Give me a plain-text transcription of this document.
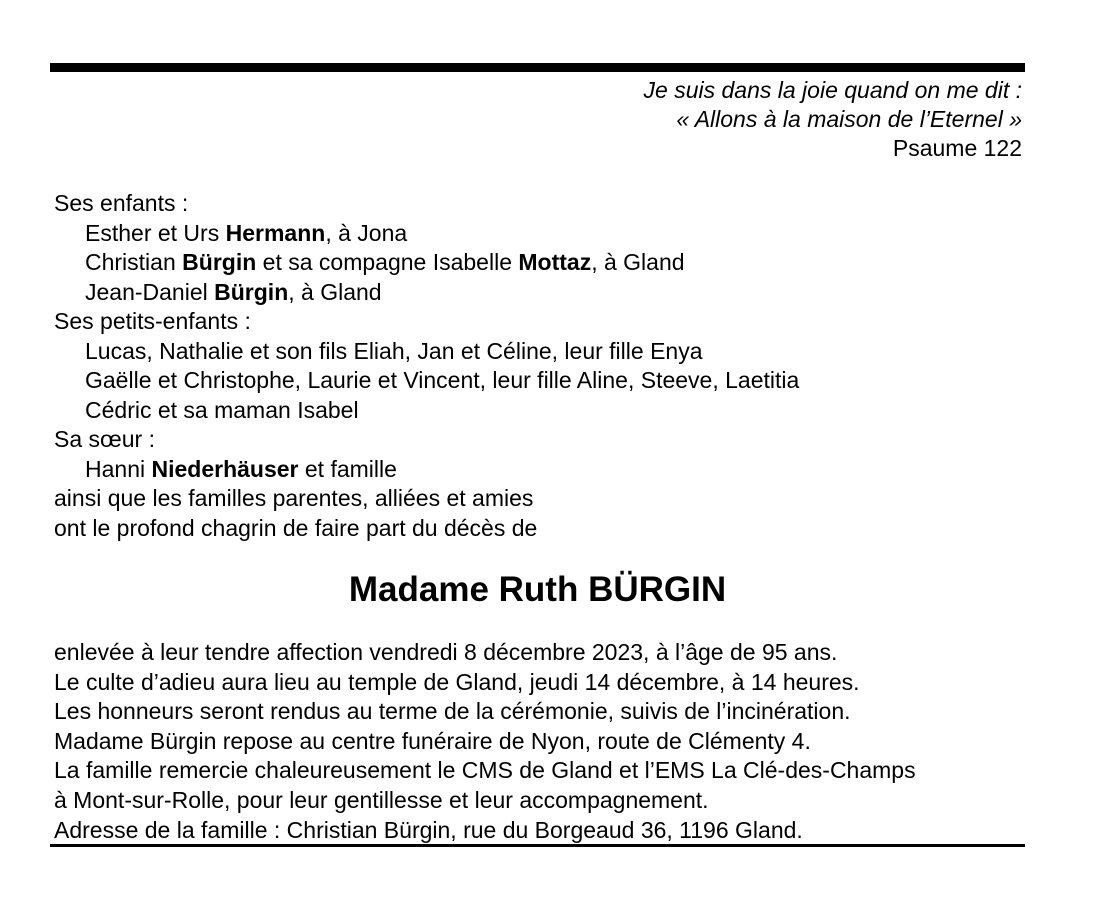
Je suis dans la joie quand on me dit :
« Allons à la maison de l’Eternel »
Psaume 122
Ses enfants :
Esther et Urs Hermann, à Jona
Christian Bürgin et sa compagne Isabelle Mottaz, à Gland
Jean-Daniel Bürgin, à Gland
Ses petits-enfants :
Lucas, Nathalie et son fils Eliah, Jan et Céline, leur fille Enya
Gaëlle et Christophe, Laurie et Vincent, leur fille Aline, Steeve, Laetitia
Cédric et sa maman Isabel
Sa sœur :
Hanni Niederhäuser et famille
ainsi que les familles parentes, alliées et amies
ont le profond chagrin de faire part du décès de
Madame Ruth BÜRGIN
enlevée à leur tendre affection vendredi 8 décembre 2023, à l’âge de 95 ans.
Le culte d’adieu aura lieu au temple de Gland, jeudi 14 décembre, à 14 heures.
Les honneurs seront rendus au terme de la cérémonie, suivis de l’incinération.
Madame Bürgin repose au centre funéraire de Nyon, route de Clémenty 4.
La famille remercie chaleureusement le CMS de Gland et l’EMS La Clé-des-Champs
à Mont-sur-Rolle, pour leur gentillesse et leur accompagnement.
Adresse de la famille : Christian Bürgin, rue du Borgeaud 36, 1196 Gland.
